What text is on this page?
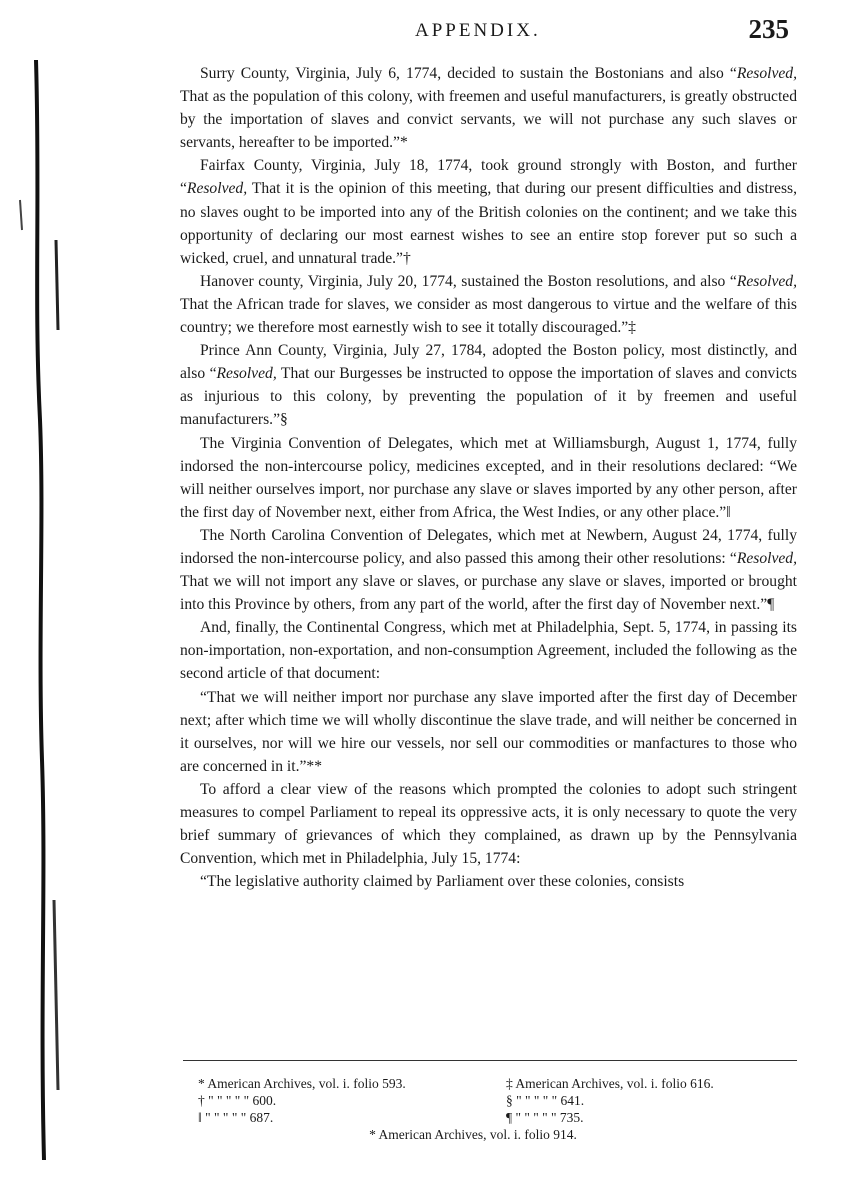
APPENDIX.	235

Surry County, Virginia, July 6, 1774, decided to sustain the Bostonians and also “Resolved, That as the population of this colony, with freemen and useful manufacturers, is greatly obstructed by the importation of slaves and convict servants, we will not purchase any such slaves or servants, hereafter to be imported.”*

Fairfax County, Virginia, July 18, 1774, took ground strongly with Boston, and further “Resolved, That it is the opinion of this meeting, that during our present difficulties and distress, no slaves ought to be imported into any of the British colonies on the continent; and we take this opportunity of declaring our most earnest wishes to see an entire stop forever put so such a wicked, cruel, and unnatural trade.”†

Hanover county, Virginia, July 20, 1774, sustained the Boston resolutions, and also “Resolved, That the African trade for slaves, we consider as most dangerous to virtue and the welfare of this country; we therefore most earnestly wish to see it totally discouraged.”‡

Prince Ann County, Virginia, July 27, 1784, adopted the Boston policy, most distinctly, and also “Resolved, That our Burgesses be instructed to oppose the importation of slaves and convicts as injurious to this colony, by preventing the population of it by freemen and useful manufacturers.”§

The Virginia Convention of Delegates, which met at Williamsburgh, August 1, 1774, fully indorsed the non-intercourse policy, medicines excepted, and in their resolutions declared: “We will neither ourselves import, nor purchase any slave or slaves imported by any other person, after the first day of November next, either from Africa, the West Indies, or any other place.”‖

The North Carolina Convention of Delegates, which met at Newbern, August 24, 1774, fully indorsed the non-intercourse policy, and also passed this among their other resolutions: “Resolved, That we will not import any slave or slaves, or purchase any slave or slaves, imported or brought into this Province by others, from any part of the world, after the first day of November next.”¶

And, finally, the Continental Congress, which met at Philadelphia, Sept. 5, 1774, in passing its non-importation, non-exportation, and non-consumption Agreement, included the following as the second article of that document:

“That we will neither import nor purchase any slave imported after the first day of December next; after which time we will wholly discontinue the slave trade, and will neither be concerned in it ourselves, nor will we hire our vessels, nor sell our commodities or manfactures to those who are concerned in it.”**

To afford a clear view of the reasons which prompted the colonies to adopt such stringent measures to compel Parliament to repeal its oppressive acts, it is only necessary to quote the very brief summary of grievances of which they complained, as drawn up by the Pennsylvania Convention, which met in Philadelphia, July 15, 1774:

“The legislative authority claimed by Parliament over these colonies, consists

* American Archives, vol. i. folio 593.	‡ American Archives, vol. i. folio 616.
† " " " " " 600.	§ " " " " " 641.
‖ " " " " " 687.	¶ " " " " " 735.
* American Archives, vol. i. folio 914.
